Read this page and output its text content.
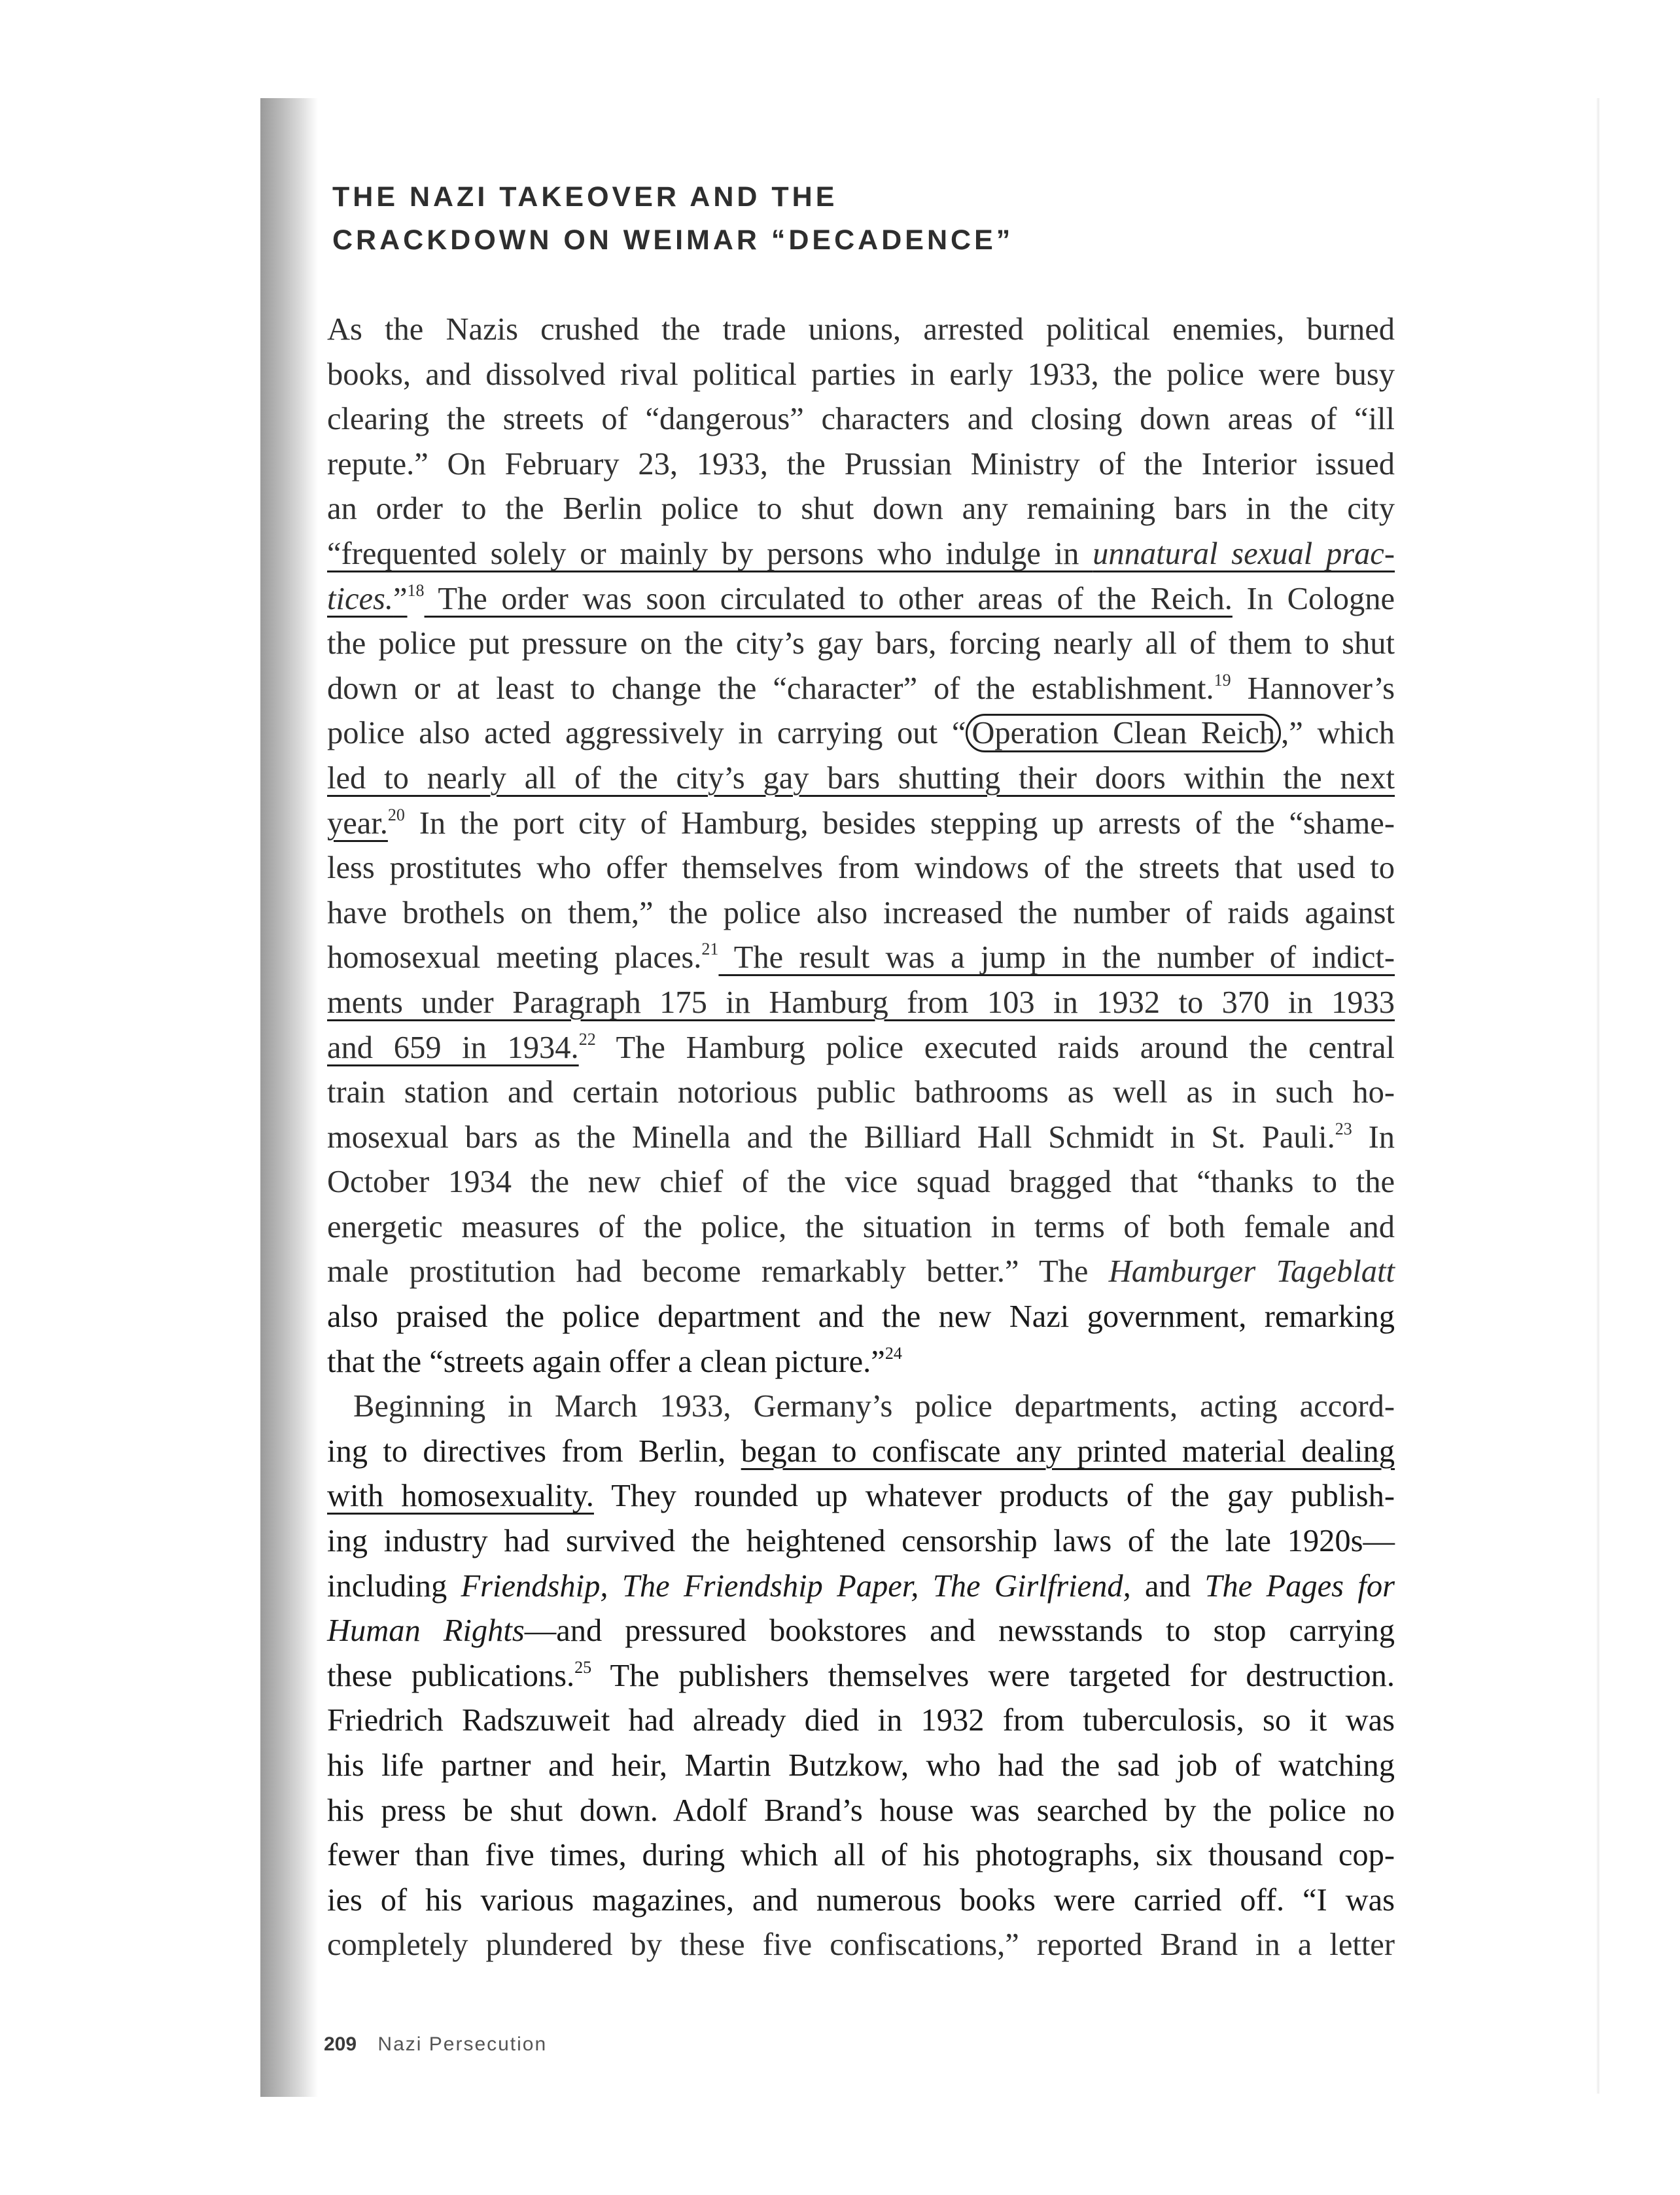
THE NAZI TAKEOVER AND THE
CRACKDOWN ON WEIMAR “DECADENCE”
As the Nazis crushed the trade unions, arrested political enemies, burned
books, and dissolved rival political parties in early 1933, the police were busy
clearing the streets of “dangerous” characters and closing down areas of “ill
repute.” On February 23, 1933, the Prussian Ministry of the Interior issued
an order to the Berlin police to shut down any remaining bars in the city
“frequented solely or mainly by persons who indulge in unnatural sexual prac-
tices.”$^{18}$ The order was soon circulated to other areas of the Reich. In Cologne
the police put pressure on the city’s gay bars, forcing nearly all of them to shut
down or at least to change the “character” of the establishment.$^{19}$ Hannover’s
police also acted aggressively in carrying out “ Operation Clean Reich ,” which
led to nearly all of the city’s gay bars shutting their doors within the next
year.$^{20}$ In the port city of Hamburg, besides stepping up arrests of the “shame-
less prostitutes who offer themselves from windows of the streets that used to
have brothels on them,” the police also increased the number of raids against
homosexual meeting places.$^{21}$ The result was a jump in the number of indict-
ments under Paragraph 175 in Hamburg from 103 in 1932 to 370 in 1933
and 659 in 1934.22 The Hamburg police executed raids around the central
train station and certain notorious public bathrooms as well as in such ho-
mosexual bars as the Minella and the Billiard Hall Schmidt in St. Pauli.$^{23}$ In
October 1934 the new chief of the vice squad bragged that “thanks to the
energetic measures of the police, the situation in terms of both female and
male prostitution had become remarkably better.” The Hamburger Tageblatt
also praised the police department and the new Nazi government, remarking
that the “streets again offer a clean picture.”$^{24}$
Beginning in March 1933, Germany’s police departments, acting accord-
ing to directives from Berlin, began to confiscate any printed material dealing
with homosexuality. They rounded up whatever products of the gay publish-
ing industry had survived the heightened censorship laws of the late 1920s—
including Friendship, The Friendship Paper, The Girlfriend, and The Pages for
Human Rights—and pressured bookstores and newsstands to stop carrying
these publications.$^{25}$ The publishers themselves were targeted for destruction.
Friedrich Radszuweit had already died in 1932 from tuberculosis, so it was
his life partner and heir, Martin Butzkow, who had the sad job of watching
his press be shut down. Adolf Brand’s house was searched by the police no
fewer than five times, during which all of his photographs, six thousand cop-
ies of his various magazines, and numerous books were carried off. “I was
completely plundered by these five confiscations,” reported Brand in a letter
209 Nazi Persecution
